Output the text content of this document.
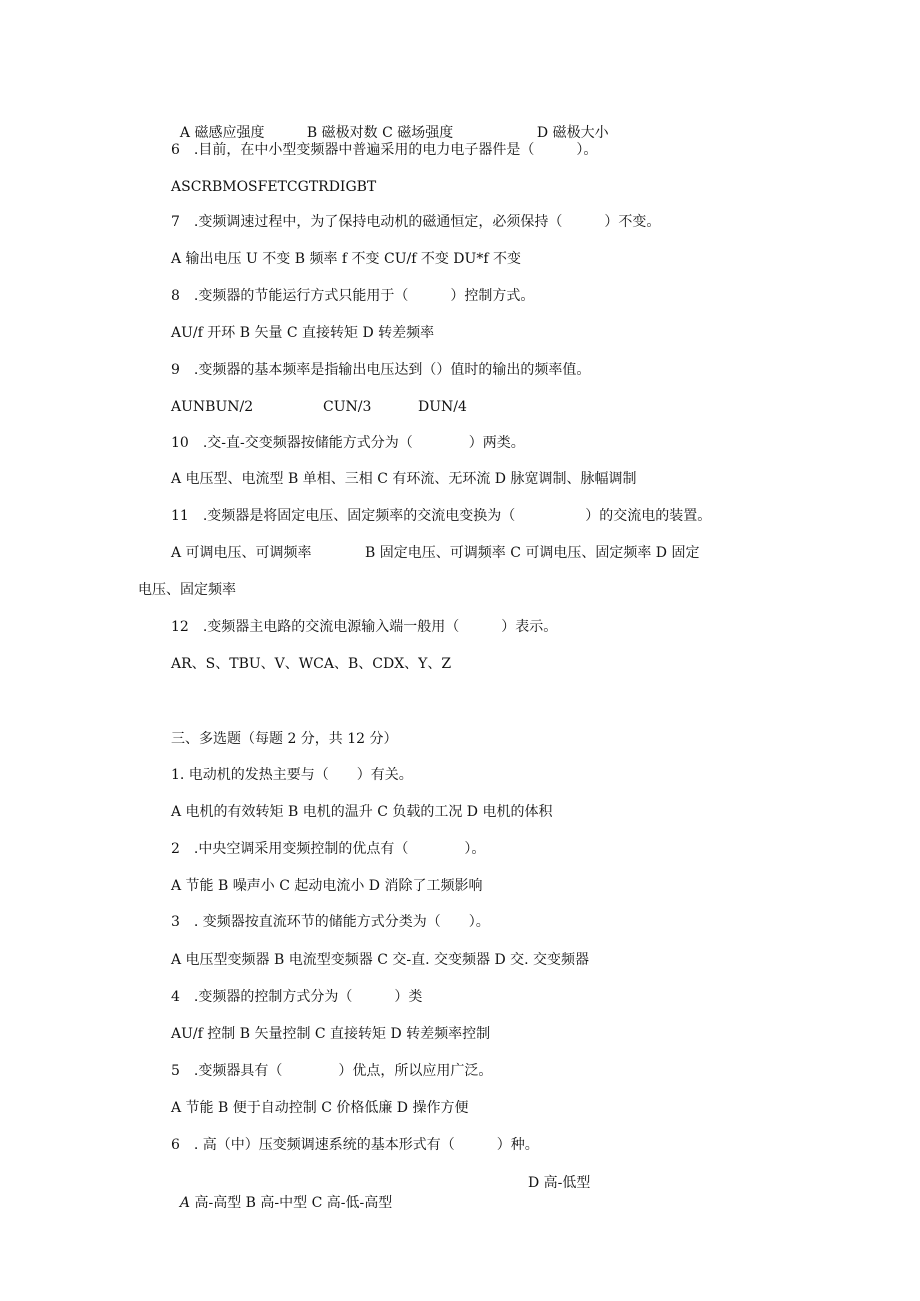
A 磁感应强度	B 磁极对数 C 磁场强度	D 磁极大小

6　.目前，在中小型变频器中普遍采用的电力电子器件是（　　　）。
ASCRBMOSFETCGTRDIGBT
7　.变频调速过程中，为了保持电动机的磁通恒定，必须保持（　　　）不变。
A 输出电压 U 不变 B 频率 f 不变 CU/f 不变 DU*f 不变
8　.变频器的节能运行方式只能用于（　　　）控制方式。
AU/f 开环 B 矢量 C 直接转矩 D 转差频率
9　.变频器的基本频率是指输出电压达到（）值时的输出的频率值。
AUNBUN/2	CUN/3	DUN/4
10　.交-直-交变频器按储能方式分为（　　　　）两类。
A 电压型、电流型 B 单相、三相 C 有环流、无环流 D 脉宽调制、脉幅调制
11　.变频器是将固定电压、固定频率的交流电变换为（　　　　　）的交流电的装置。
A 可调电压、可调频率	B 固定电压、可调频率 C 可调电压、固定频率 D 固定
电压、固定频率
12　.变频器主电路的交流电源输入端一般用（　　　）表示。
AR、S、TBU、V、WCA、B、CDX、Y、Z
三、多选题（每题 2 分，共 12 分）
1. 电动机的发热主要与（　　）有关。
A 电机的有效转矩 B 电机的温升 C 负载的工况 D 电机的体积
2　.中央空调采用变频控制的优点有（　　　　）。
A 节能 B 噪声小 C 起动电流小 D 消除了工频影响
3　. 变频器按直流环节的储能方式分类为（　　）。
A 电压型变频器 B 电流型变频器 C 交-直. 交变频器 D 交. 交变频器
4　.变频器的控制方式分为（　　　）类
AU/f 控制 B 矢量控制 C 直接转矩 D 转差频率控制
5　.变频器具有（　　　　）优点，所以应用广泛。
A 节能 B 便于自动控制 C 价格低廉 D 操作方便
6　. 高（中）压变频调速系统的基本形式有（　　　）种。

A 高-高型 B 高-中型 C 高-低-高型

D 高-低型
